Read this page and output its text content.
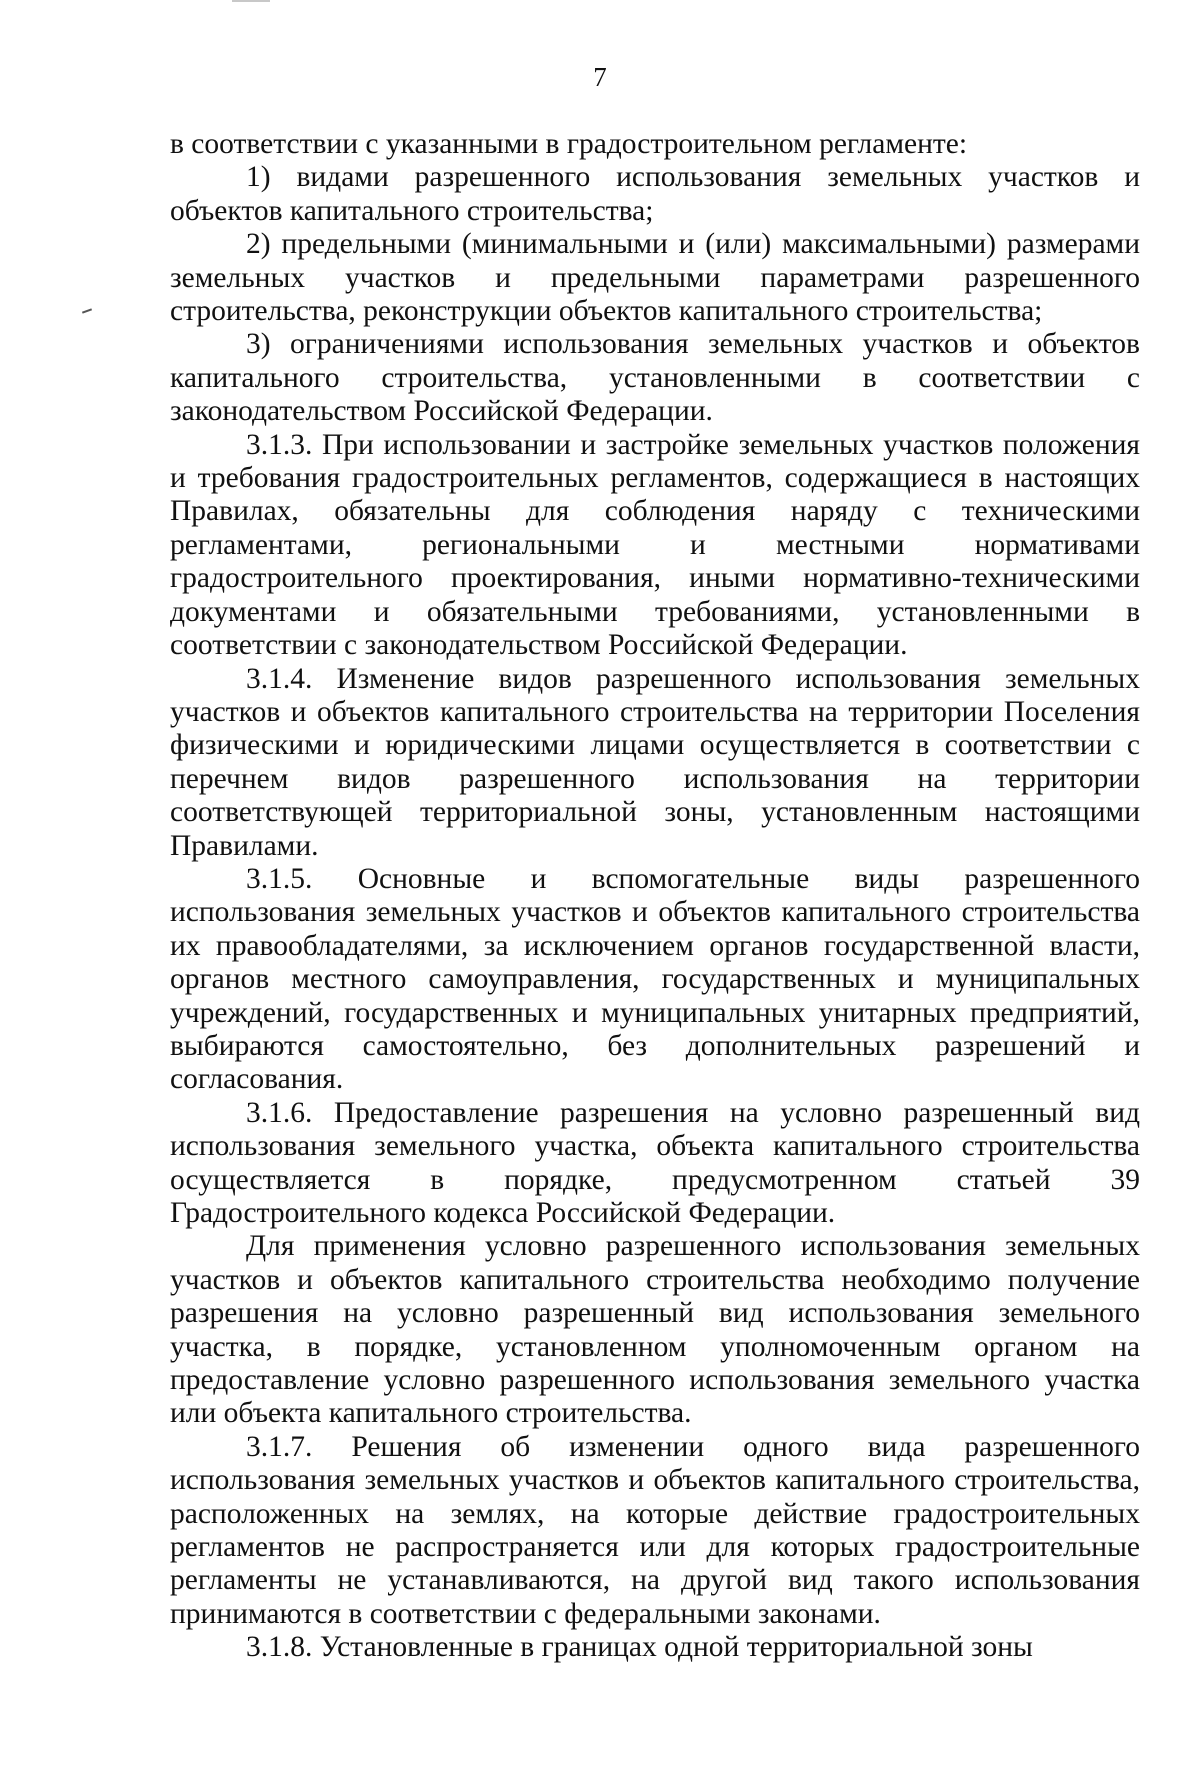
7

в соответствии с указанными в градостроительном регламенте:

1) видами разрешенного использования земельных участков и объектов капитального строительства;

2) предельными (минимальными и (или) максимальными) размерами земельных участков и предельными параметрами разрешенного строительства, реконструкции объектов капитального строительства;

3) ограничениями использования земельных участков и объектов капитального строительства, установленными в соответствии с законодательством Российской Федерации.

3.1.3. При использовании и застройке земельных участков положения и требования градостроительных регламентов, содержащиеся в настоящих Правилах, обязательны для соблюдения наряду с техническими регламентами, региональными и местными нормативами градостроительного проектирования, иными нормативно-техническими документами и обязательными требованиями, установленными в соответствии с законодательством Российской Федерации.

3.1.4. Изменение видов разрешенного использования земельных участков и объектов капитального строительства на территории Поселения физическими и юридическими лицами осуществляется в соответствии с перечнем видов разрешенного использования на территории соответствующей территориальной зоны, установленным настоящими Правилами.

3.1.5. Основные и вспомогательные виды разрешенного использования земельных участков и объектов капитального строительства их правообладателями, за исключением органов государственной власти, органов местного самоуправления, государственных и муниципальных учреждений, государственных и муниципальных унитарных предприятий, выбираются самостоятельно, без дополнительных разрешений и согласования.

3.1.6. Предоставление разрешения на условно разрешенный вид использования земельного участка, объекта капитального строительства осуществляется в порядке, предусмотренном статьей 39 Градостроительного кодекса Российской Федерации.

Для применения условно разрешенного использования земельных участков и объектов капитального строительства необходимо получение разрешения на условно разрешенный вид использования земельного участка, в порядке, установленном уполномоченным органом на предоставление условно разрешенного использования земельного участка или объекта капитального строительства.

3.1.7. Решения об изменении одного вида разрешенного использования земельных участков и объектов капитального строительства, расположенных на землях, на которые действие градостроительных регламентов не распространяется или для которых градостроительные регламенты не устанавливаются, на другой вид такого использования принимаются в соответствии с федеральными законами.

3.1.8. Установленные в границах одной территориальной зоны
